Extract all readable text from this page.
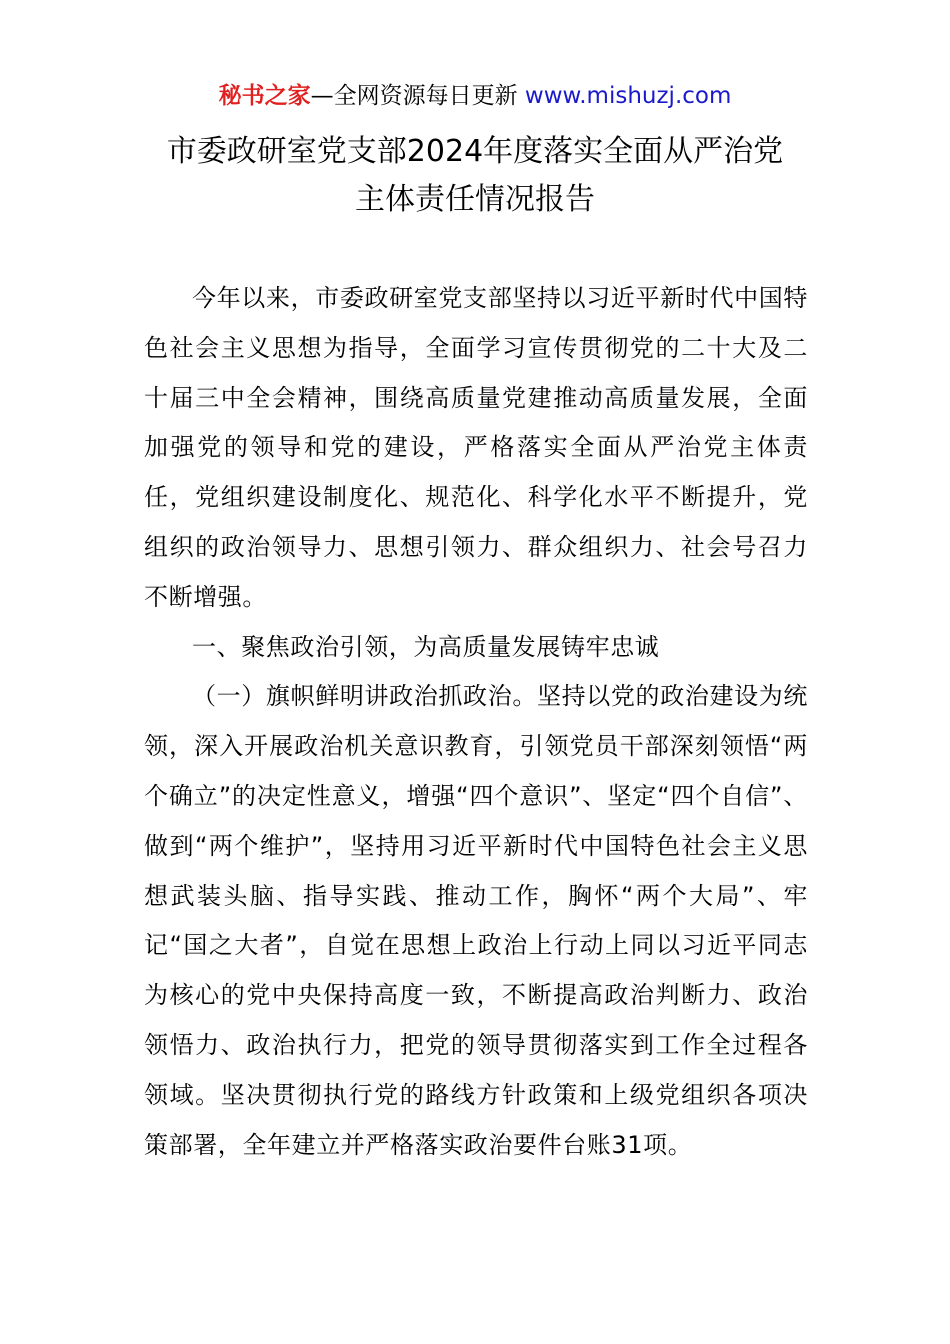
秘书之家—全网资源每日更新 www.mishuzj.com
市委政研室党支部2024年度落实全面从严治党
主体责任情况报告

今年以来，市委政研室党支部坚持以习近平新时代中国特色社会主义思想为指导，全面学习宣传贯彻党的二十大及二十届三中全会精神，围绕高质量党建推动高质量发展，全面加强党的领导和党的建设，严格落实全面从严治党主体责任，党组织建设制度化、规范化、科学化水平不断提升，党组织的政治领导力、思想引领力、群众组织力、社会号召力不断增强。

一、聚焦政治引领，为高质量发展铸牢忠诚

（一）旗帜鲜明讲政治抓政治。坚持以党的政治建设为统领，深入开展政治机关意识教育，引领党员干部深刻领悟“两个确立”的决定性意义，增强“四个意识”、坚定“四个自信”、做到“两个维护”，坚持用习近平新时代中国特色社会主义思想武装头脑、指导实践、推动工作，胸怀“两个大局”、牢记“国之大者”，自觉在思想上政治上行动上同以习近平同志为核心的党中央保持高度一致，不断提高政治判断力、政治领悟力、政治执行力，把党的领导贯彻落实到工作全过程各领域。坚决贯彻执行党的路线方针政策和上级党组织各项决策部署，全年建立并严格落实政治要件台账31项。
